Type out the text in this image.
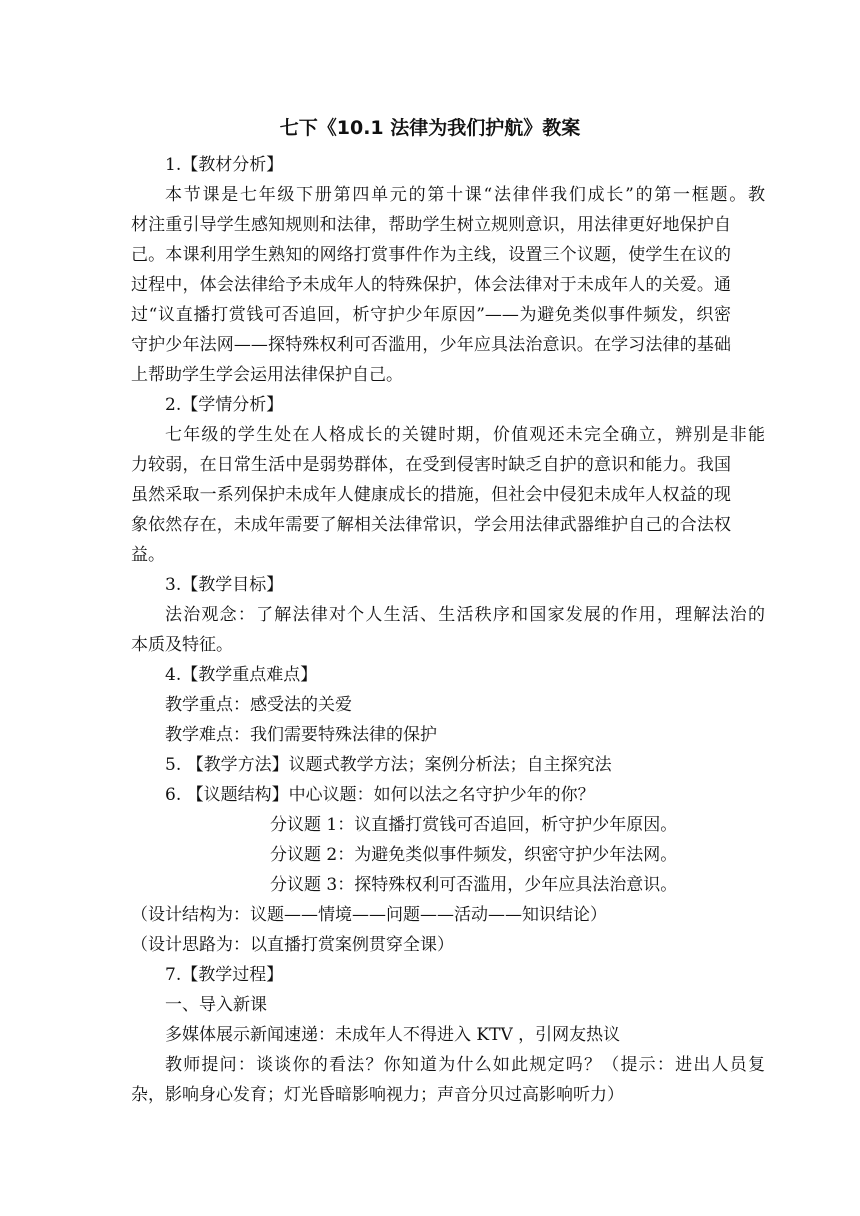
七下《10.1 法律为我们护航》教案
1.【教材分析】
本节课是七年级下册第四单元的第十课“法律伴我们成长”的第一框题。教
材注重引导学生感知规则和法律，帮助学生树立规则意识，用法律更好地保护自
己。本课利用学生熟知的网络打赏事件作为主线，设置三个议题，使学生在议的
过程中，体会法律给予未成年人的特殊保护，体会法律对于未成年人的关爱。通
过“议直播打赏钱可否追回，析守护少年原因”——为避免类似事件频发，织密
守护少年法网——探特殊权利可否滥用，少年应具法治意识。在学习法律的基础
上帮助学生学会运用法律保护自己。
2.【学情分析】
七年级的学生处在人格成长的关键时期，价值观还未完全确立，辨别是非能
力较弱，在日常生活中是弱势群体，在受到侵害时缺乏自护的意识和能力。我国
虽然采取一系列保护未成年人健康成长的措施，但社会中侵犯未成年人权益的现
象依然存在，未成年需要了解相关法律常识，学会用法律武器维护自己的合法权
益。
3.【教学目标】
法治观念：了解法律对个人生活、生活秩序和国家发展的作用，理解法治的
本质及特征。
4.【教学重点难点】
教学重点：感受法的关爱
教学难点：我们需要特殊法律的保护
5. 【教学方法】议题式教学方法；案例分析法；自主探究法
6. 【议题结构】中心议题：如何以法之名守护少年的你？
分议题 1：议直播打赏钱可否追回，析守护少年原因。
分议题 2：为避免类似事件频发，织密守护少年法网。
分议题 3：探特殊权利可否滥用，少年应具法治意识。
（设计结构为：议题——情境——问题——活动——知识结论）
（设计思路为：以直播打赏案例贯穿全课）
7.【教学过程】
一、导入新课
多媒体展示新闻速递：未成年人不得进入 KTV ，引网友热议
教师提问：谈谈你的看法？你知道为什么如此规定吗？（提示：进出人员复
杂，影响身心发育；灯光昏暗影响视力；声音分贝过高影响听力）
